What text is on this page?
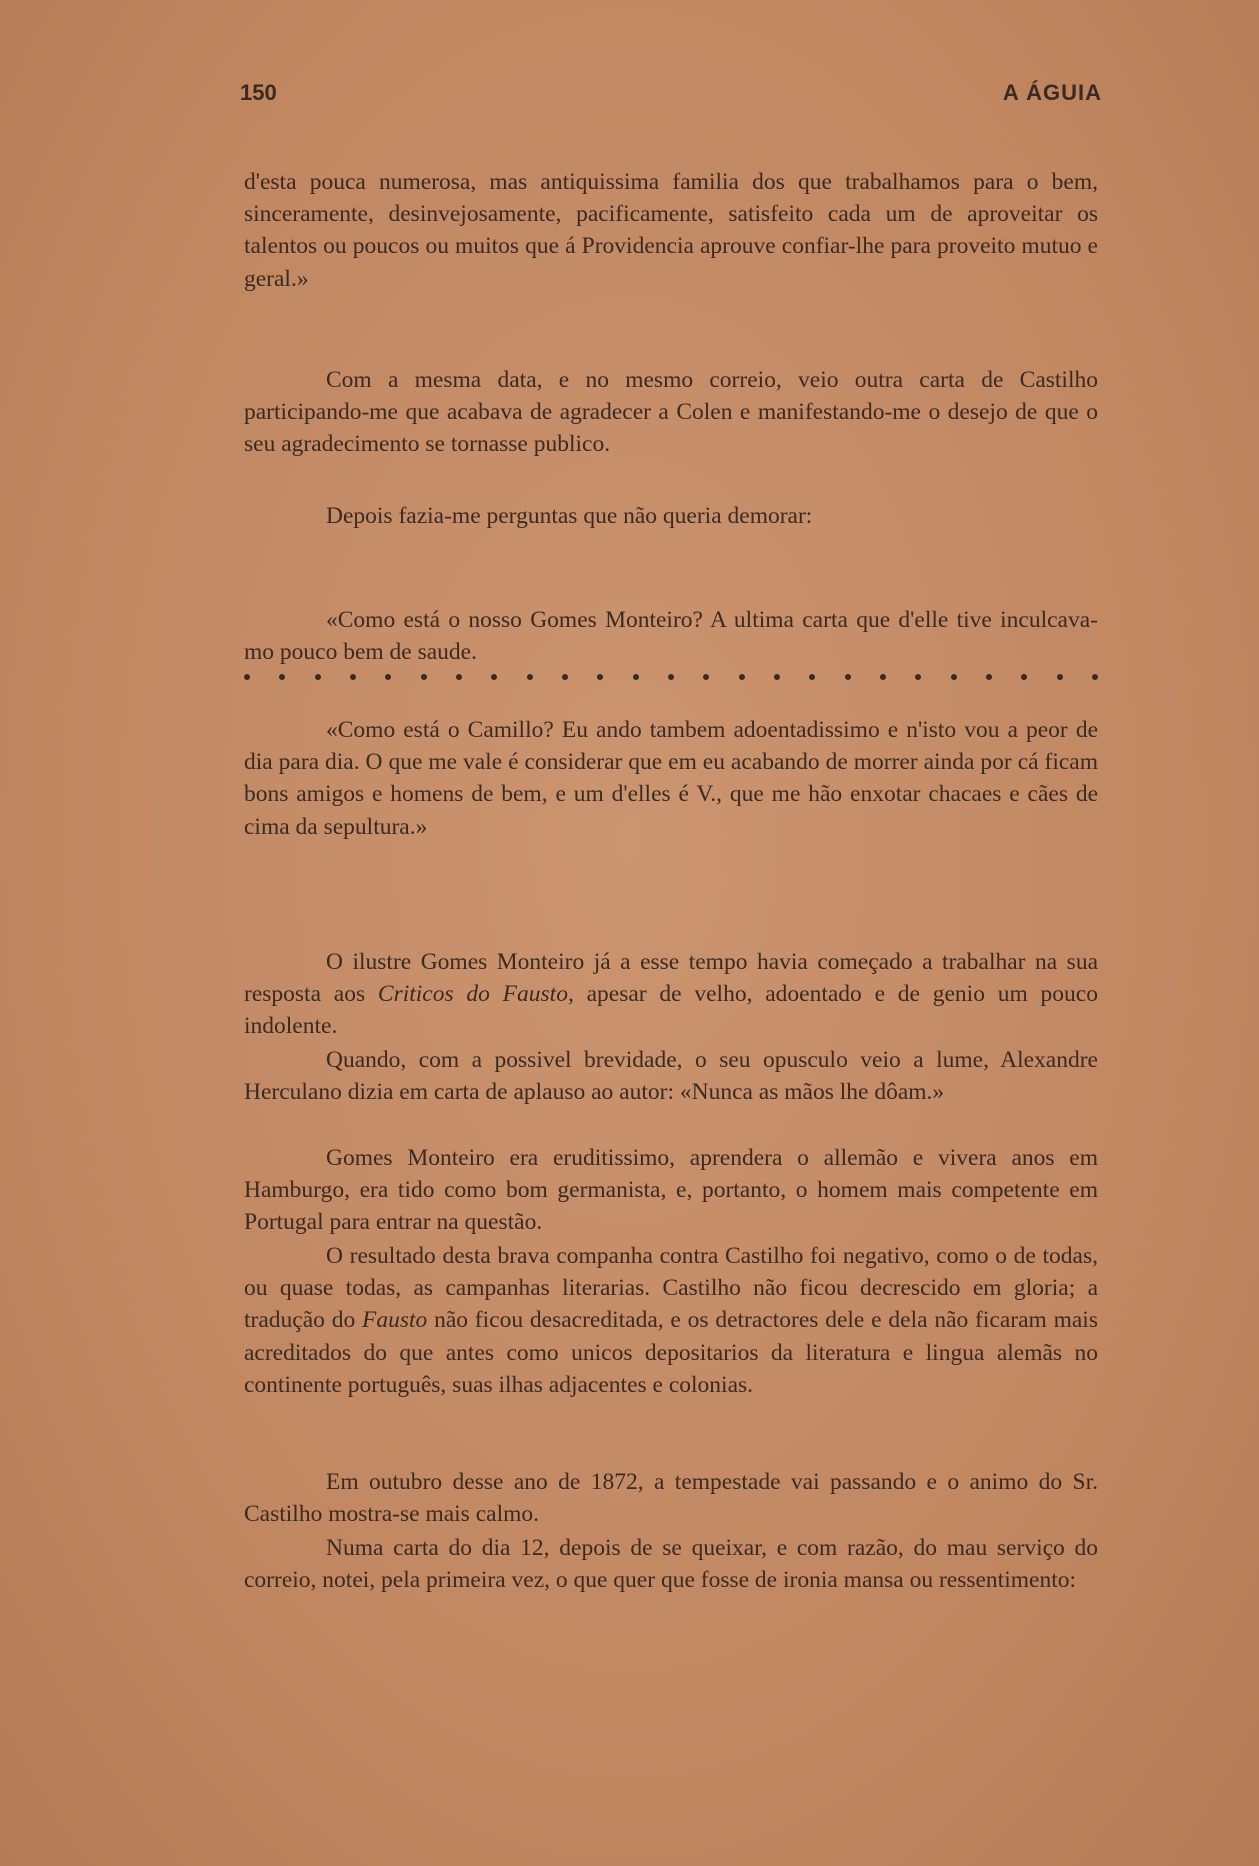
150	A ÁGUIA

d'esta pouca numerosa, mas antiquissima familia dos que trabalhamos para o bem, sinceramente, desinvejosamente, pacificamente, satisfeito cada um de aproveitar os talentos ou poucos ou muitos que á Providencia aprouve confiar-lhe para proveito mutuo e geral.»

Com a mesma data, e no mesmo correio, veio outra carta de Castilho participando-me que acabava de agradecer a Colen e manifestando-me o desejo de que o seu agradecimento se tornasse publico.

Depois fazia-me perguntas que não queria demorar:

«Como está o nosso Gomes Monteiro? A ultima carta que d'elle tive inculcava-mo pouco bem de saude.

«Como está o Camillo? Eu ando tambem adoentadissimo e n'isto vou a peor de dia para dia. O que me vale é considerar que em eu acabando de morrer ainda por cá ficam bons amigos e homens de bem, e um d'elles é V., que me hão enxotar chacaes e cães de cima da sepultura.»

O ilustre Gomes Monteiro já a esse tempo havia começado a trabalhar na sua resposta aos Criticos do Fausto, apesar de velho, adoentado e de genio um pouco indolente.

Quando, com a possivel brevidade, o seu opusculo veio a lume, Alexandre Herculano dizia em carta de aplauso ao autor: «Nunca as mãos lhe dôam.»

Gomes Monteiro era eruditissimo, aprendera o allemão e vivera anos em Hamburgo, era tido como bom germanista, e, portanto, o homem mais competente em Portugal para entrar na questão.

O resultado desta brava companha contra Castilho foi negativo, como o de todas, ou quase todas, as campanhas literarias. Castilho não ficou decrescido em gloria; a tradução do Fausto não ficou desacreditada, e os detractores dele e dela não ficaram mais acreditados do que antes como unicos depositarios da literatura e lingua alemãs no continente português, suas ilhas adjacentes e colonias.

Em outubro desse ano de 1872, a tempestade vai passando e o animo do Sr. Castilho mostra-se mais calmo.

Numa carta do dia 12, depois de se queixar, e com razão, do mau serviço do correio, notei, pela primeira vez, o que quer que fosse de ironia mansa ou ressentimento:
